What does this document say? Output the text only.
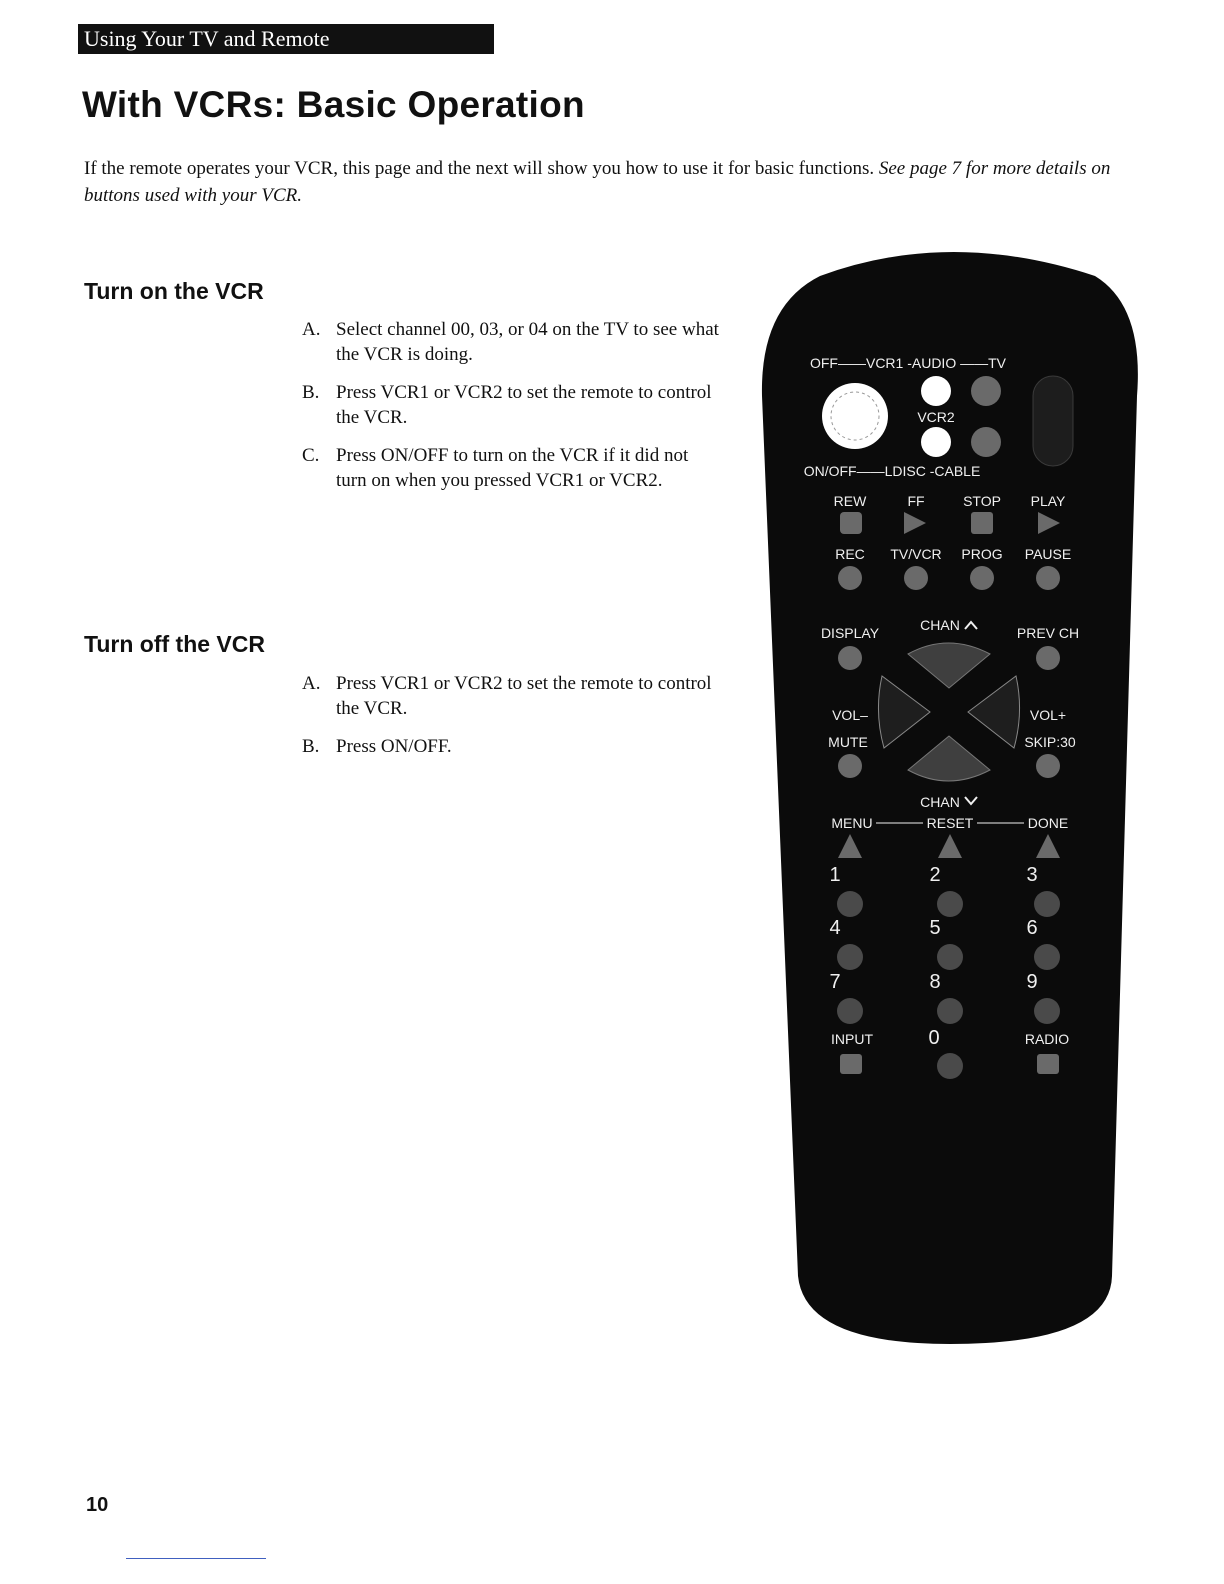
Using Your TV and Remote
With VCRs: Basic Operation

If the remote operates your VCR, this page and the next will show you how to use it for basic functions. See page 7 for more details on buttons used with your VCR.

Turn on the VCR
A. Select channel 00, 03, or 04 on the TV to see what the VCR is doing.
B. Press VCR1 or VCR2 to set the remote to control the VCR.
C. Press ON/OFF to turn on the VCR if it did not turn on when you pressed VCR1 or VCR2.
Turn off the VCR
A. Press VCR1 or VCR2 to set the remote to control the VCR.
B. Press ON/OFF.
OFF——VCR1 -AUDIO ——TV
VCR2
ON/OFF——LDISC -CABLE
REW	FF	STOP PLAY
REC TV/VCR PROG PAUSE
DISPLAY	CHAN	PREV CH
VOL–	VOL+
MUTE	SKIP:30
CHAN
MENU	RESET	DONE
1	2	3
4	5	6
7	8	9
INPUT	0	RADIO
10
